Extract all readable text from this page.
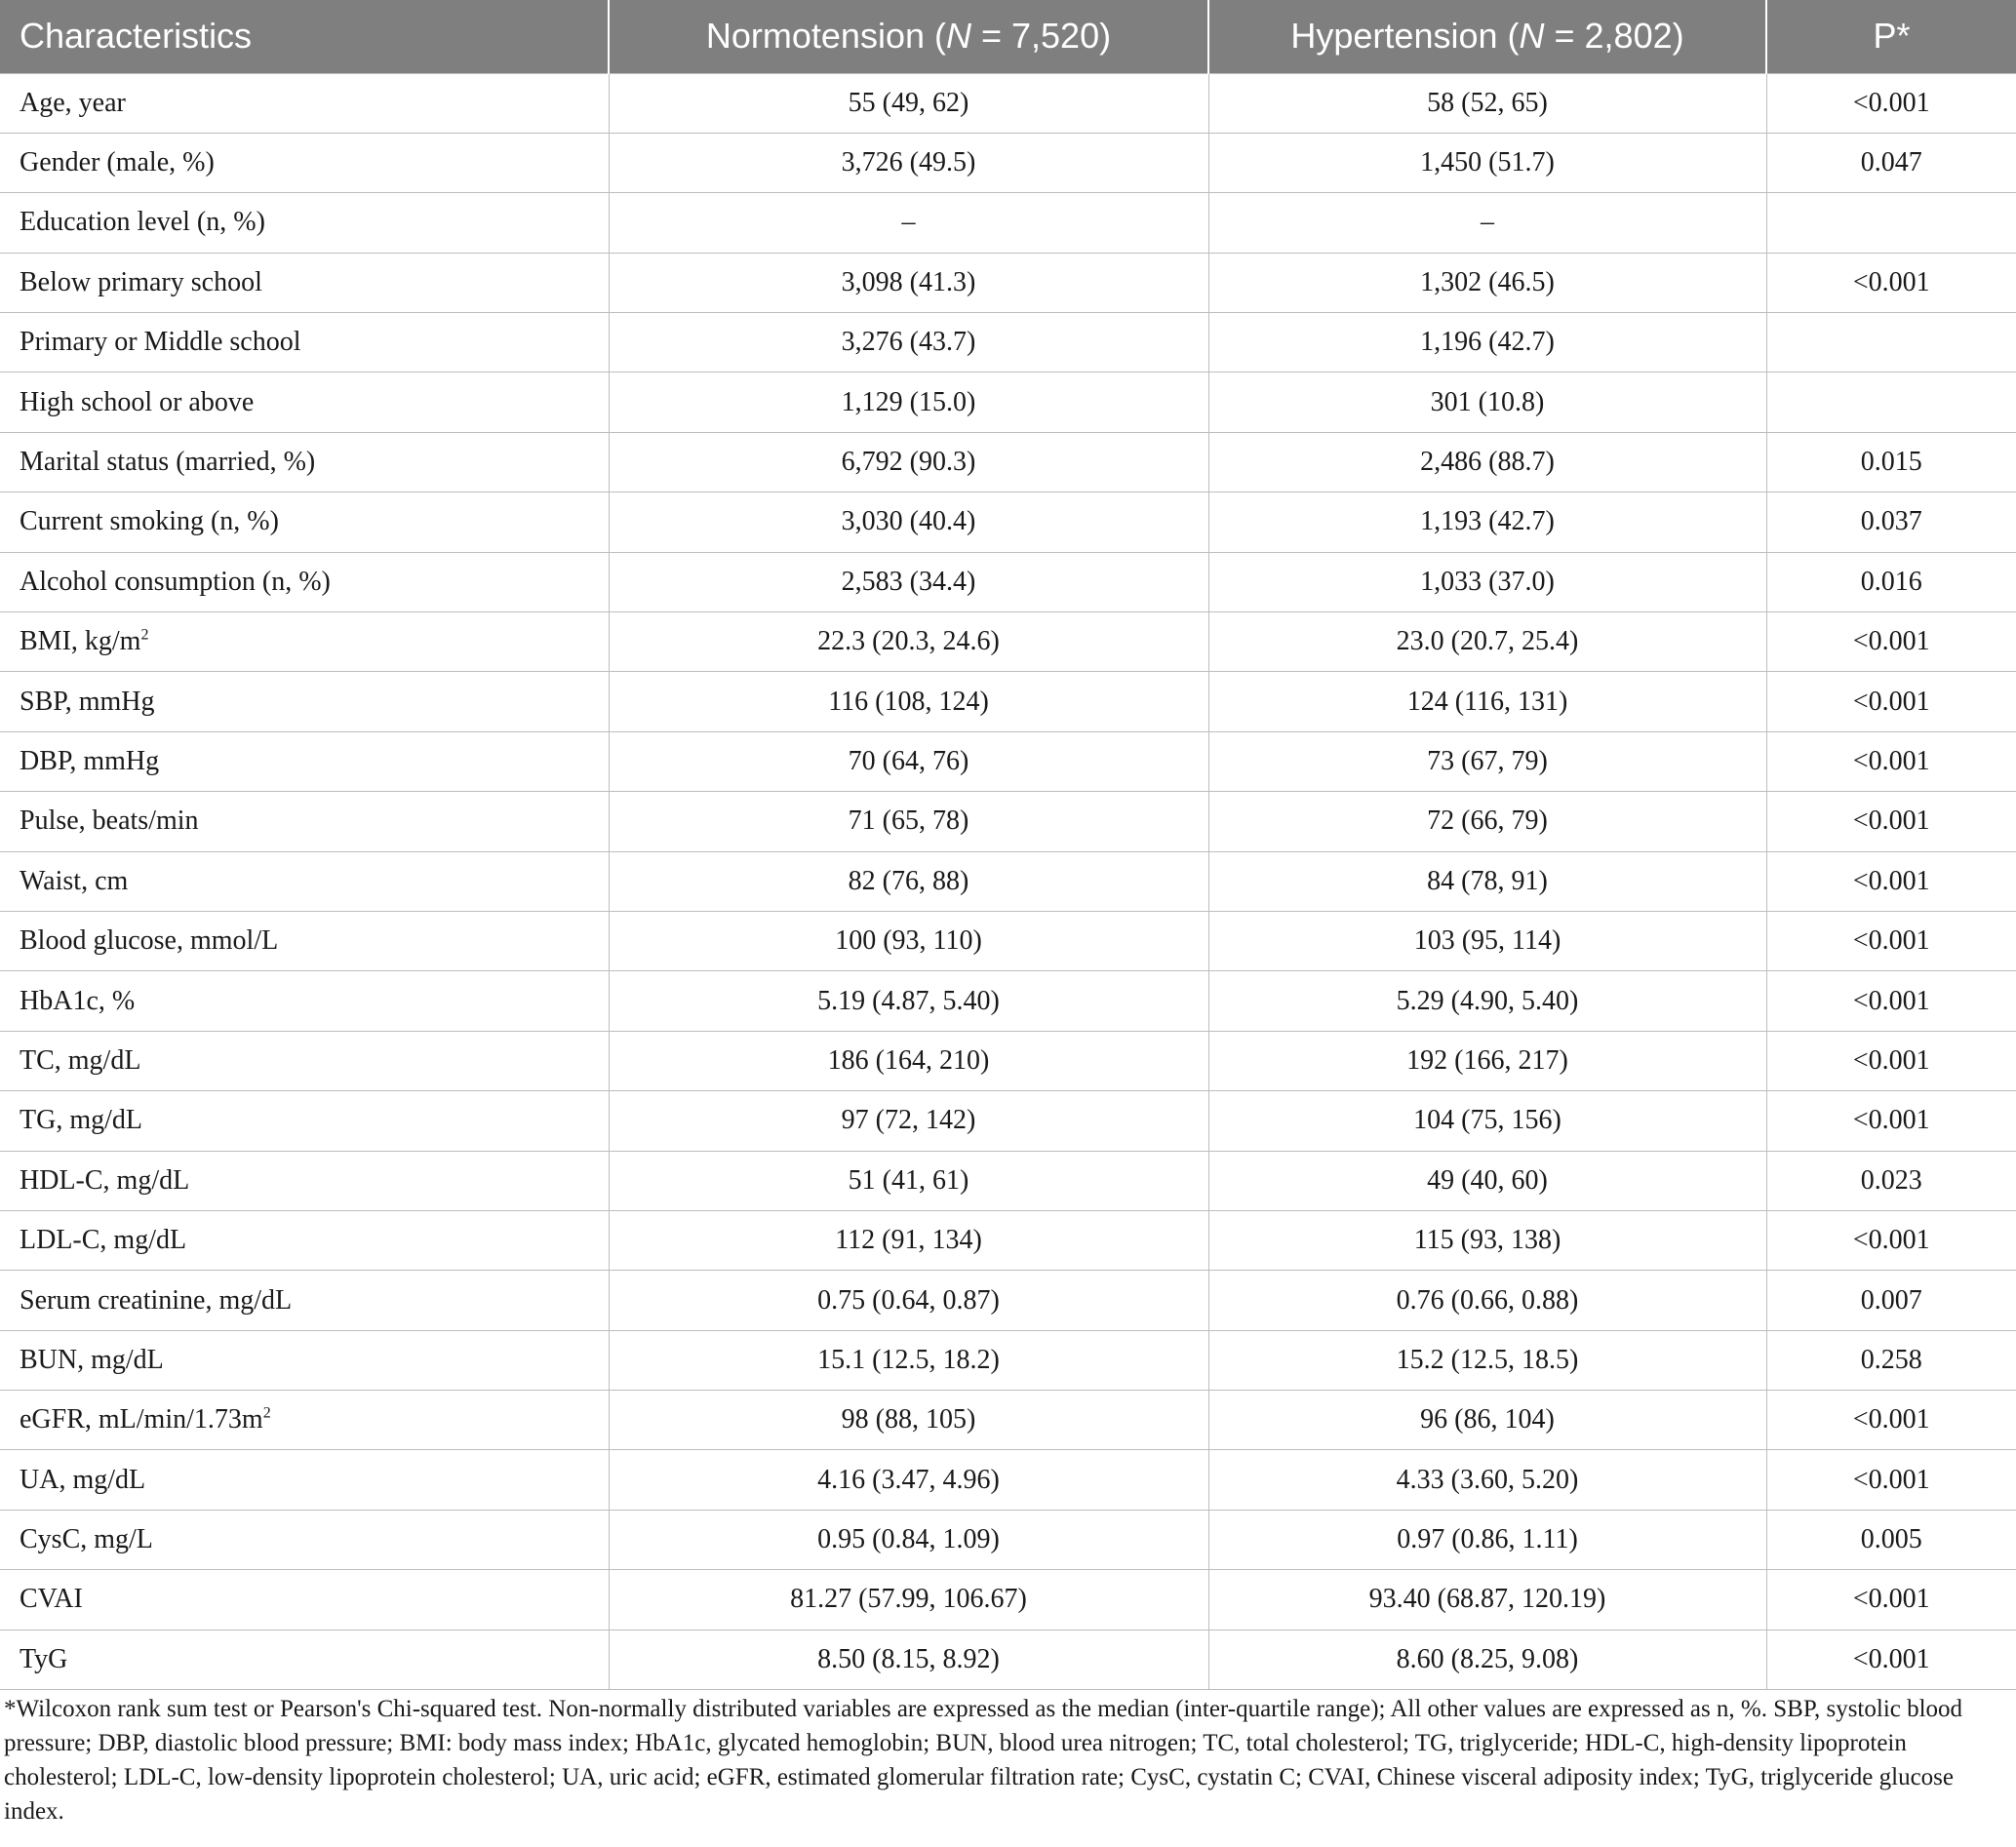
Characteristics	Normotension (N = 7,520)	Hypertension (N = 2,802)	P*
Age, year	55 (49, 62)	58 (52, 65)	<0.001
Gender (male, %)	3,726 (49.5)	1,450 (51.7)	0.047
Education level (n, %)	–	–	
Below primary school	3,098 (41.3)	1,302 (46.5)	<0.001
Primary or Middle school	3,276 (43.7)	1,196 (42.7)	
High school or above	1,129 (15.0)	301 (10.8)	
Marital status (married, %)	6,792 (90.3)	2,486 (88.7)	0.015
Current smoking (n, %)	3,030 (40.4)	1,193 (42.7)	0.037
Alcohol consumption (n, %)	2,583 (34.4)	1,033 (37.0)	0.016
BMI, $kg/m^2$	22.3 (20.3, 24.6)	23.0 (20.7, 25.4)	<0.001
SBP, mmHg	116 (108, 124)	124 (116, 131)	<0.001
DBP, mmHg	70 (64, 76)	73 (67, 79)	<0.001
Pulse, beats/min	71 (65, 78)	72 (66, 79)	<0.001
Waist, cm	82 (76, 88)	84 (78, 91)	<0.001
Blood glucose, mmol/L	100 (93, 110)	103 (95, 114)	<0.001
HbA1c, %	5.19 (4.87, 5.40)	5.29 (4.90, 5.40)	<0.001
TC, mg/dL	186 (164, 210)	192 (166, 217)	<0.001
TG, mg/dL	97 (72, 142)	104 (75, 156)	<0.001
HDL-C, mg/dL	51 (41, 61)	49 (40, 60)	0.023
LDL-C, mg/dL	112 (91, 134)	115 (93, 138)	<0.001
Serum creatinine, mg/dL	0.75 (0.64, 0.87)	0.76 (0.66, 0.88)	0.007
BUN, mg/dL	15.1 (12.5, 18.2)	15.2 (12.5, 18.5)	0.258
eGFR, $mL/\min/1.73m^2$	98 (88, 105)	96 (86, 104)	<0.001
UA, mg/dL	4.16 (3.47, 4.96)	4.33 (3.60, 5.20)	<0.001
CysC, mg/L	0.95 (0.84, 1.09)	0.97 (0.86, 1.11)	0.005
CVAI	81.27 (57.99, 106.67)	93.40 (68.87, 120.19)	<0.001
TyG	8.50 (8.15, 8.92)	8.60 (8.25, 9.08)	<0.001

*Wilcoxon rank sum test or Pearson's Chi-squared test. Non-normally distributed variables are expressed as the median (inter-quartile range); All other values are expressed as n, %. SBP, systolic blood pressure; DBP, diastolic blood pressure; BMI: body mass index; HbA1c, glycated hemoglobin; BUN, blood urea nitrogen; TC, total cholesterol; TG, triglyceride; HDL-C, high-density lipoprotein cholesterol; LDL-C, low-density lipoprotein cholesterol; UA, uric acid; eGFR, estimated glomerular filtration rate; CysC, cystatin C; CVAI, Chinese visceral adiposity index; TyG, triglyceride glucose index.
